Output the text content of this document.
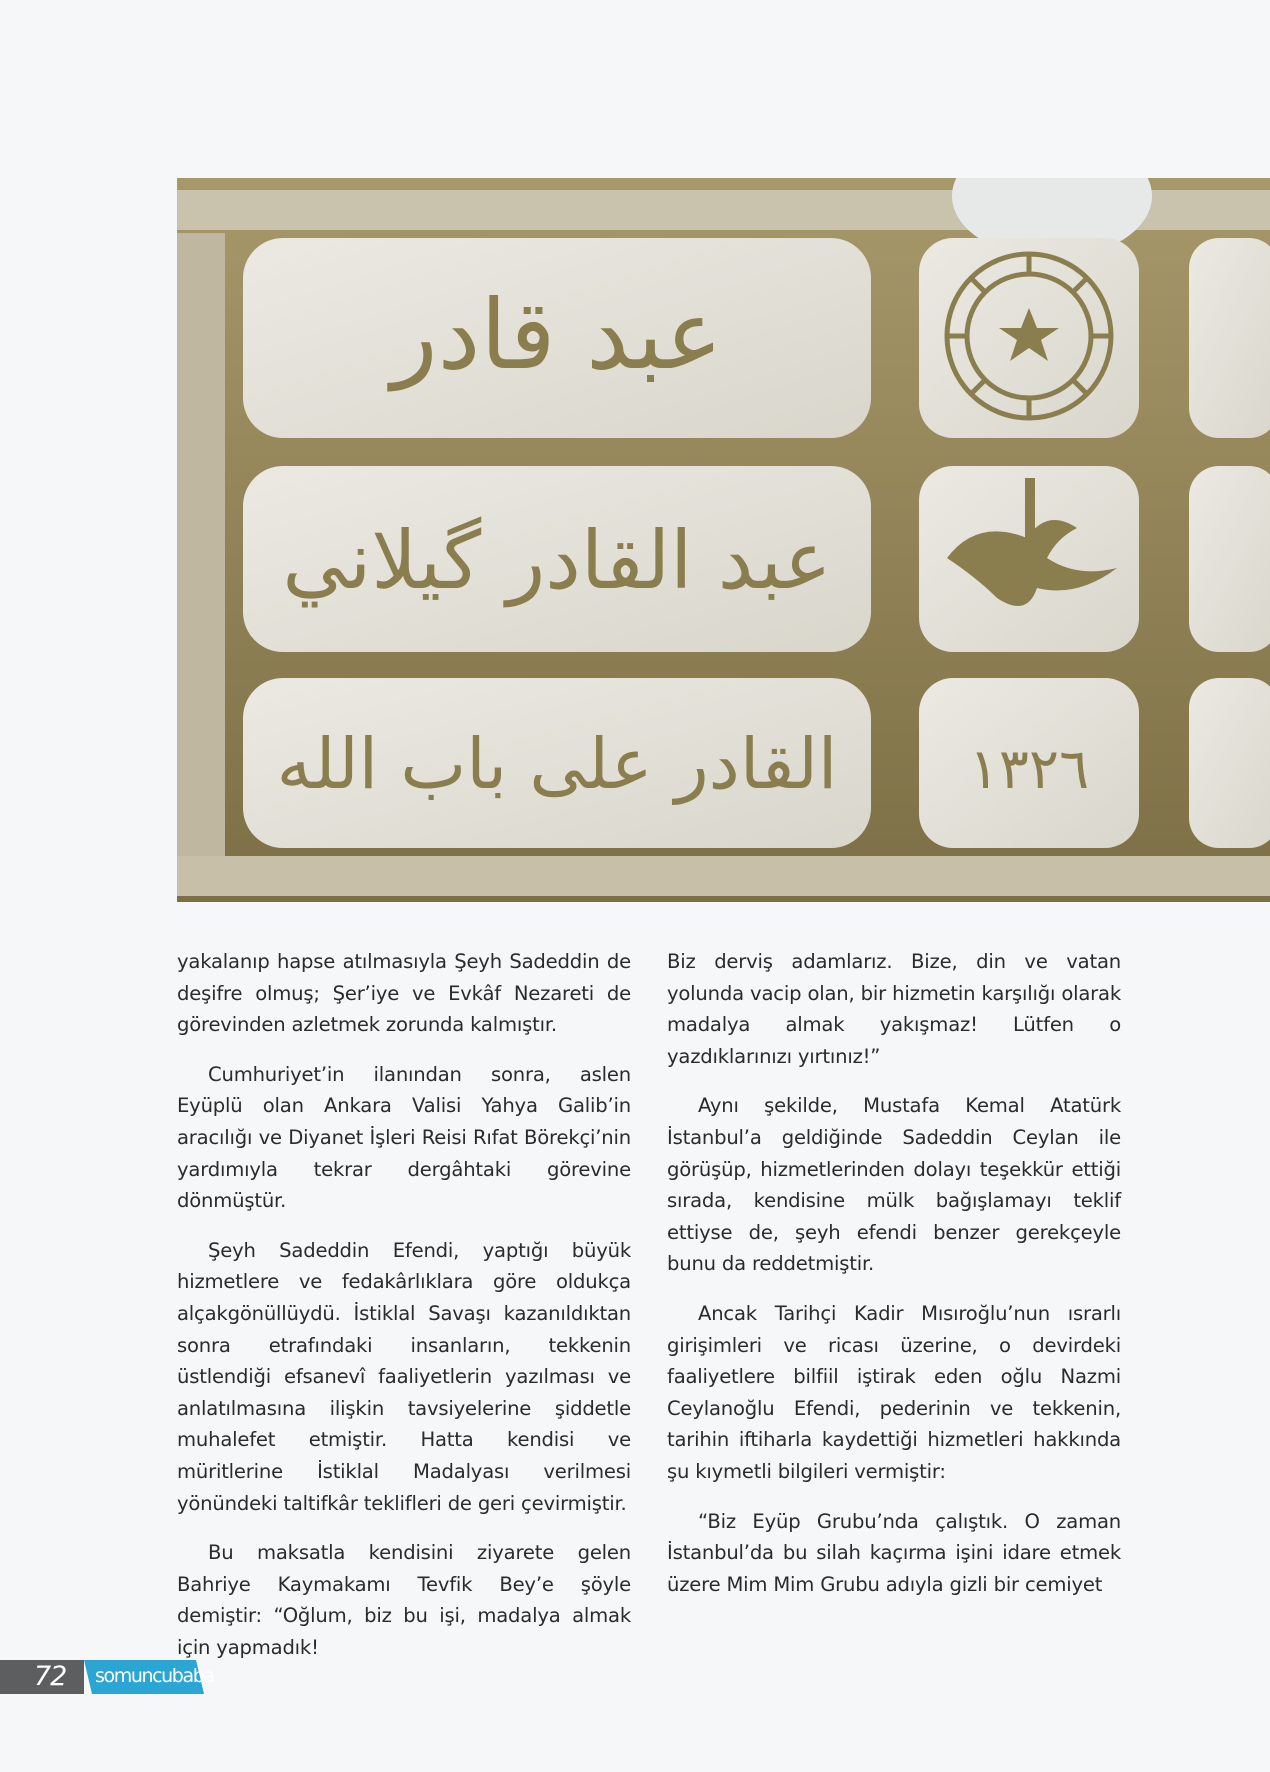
عبد قادر
عبد القادر گيلاني
القادر على باب الله ١٣٢٦

yakalanıp hapse atılmasıyla Şeyh Sadeddin de deşifre olmuş; Şer’iye ve Evkâf Nezareti de görevinden azletmek zorunda kalmıştır.

Cumhuriyet’in ilanından sonra, aslen Eyüplü olan Ankara Valisi Yahya Galib’in aracılığı ve Diyanet İşleri Reisi Rıfat Börekçi’nin yardımıyla tekrar dergâhtaki görevine dönmüştür.

Şeyh Sadeddin Efendi, yaptığı büyük hizmetlere ve fedakârlıklara göre oldukça alçakgönüllüydü. İstiklal Savaşı kazanıldıktan sonra etrafındaki insanların, tekkenin üstlendiği efsanevî faaliyetlerin yazılması ve anlatılmasına ilişkin tavsiyelerine şiddetle muhalefet etmiştir. Hatta kendisi ve müritlerine İstiklal Madalyası verilmesi yönündeki taltifkâr teklifleri de geri çevirmiştir.

Bu maksatla kendisini ziyarete gelen Bahriye Kaymakamı Tevfik Bey’e şöyle demiştir: “Oğlum, biz bu işi, madalya almak için yapmadık!

Biz derviş adamlarız. Bize, din ve vatan yolunda vacip olan, bir hizmetin karşılığı olarak madalya almak yakışmaz! Lütfen o yazdıklarınızı yırtınız!”

Aynı şekilde, Mustafa Kemal Atatürk İstanbul’a geldiğinde Sadeddin Ceylan ile görüşüp, hizmetlerinden dolayı teşekkür ettiği sırada, kendisine mülk bağışlamayı teklif ettiyse de, şeyh efendi benzer gerekçeyle bunu da reddetmiştir.

Ancak Tarihçi Kadir Mısıroğlu’nun ısrarlı girişimleri ve ricası üzerine, o devirdeki faaliyetlere bilfiil iştirak eden oğlu Nazmi Ceylanoğlu Efendi, pederinin ve tekkenin, tarihin iftiharla kaydettiği hizmetleri hakkında şu kıymetli bilgileri vermiştir:

“Biz Eyüp Grubu’nda çalıştık. O zaman İstanbul’da bu silah kaçırma işini idare etmek üzere Mim Mim Grubu adıyla gizli bir cemiyet

72 somuncubaba
